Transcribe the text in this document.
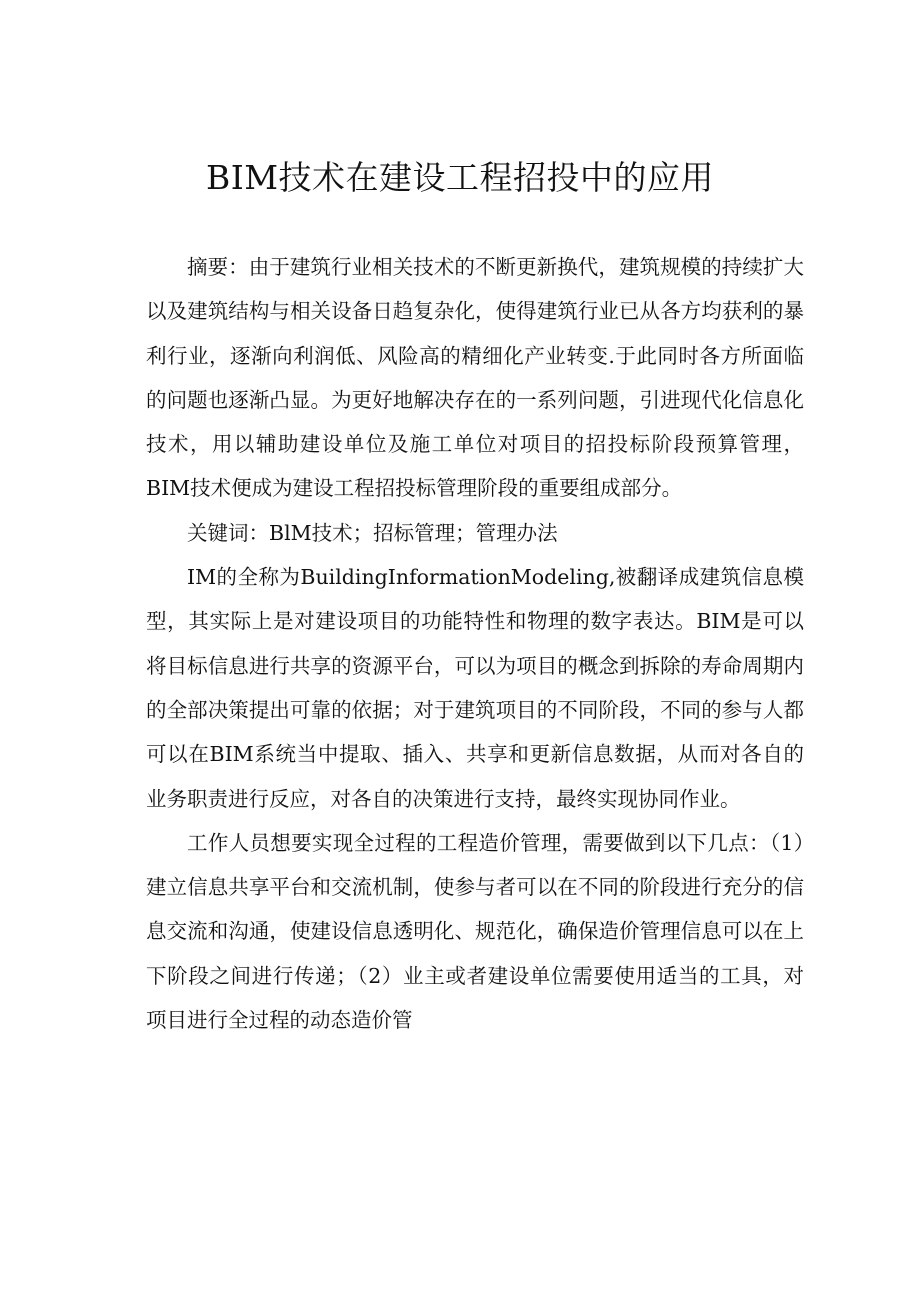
BIM技术在建设工程招投中的应用

摘要：由于建筑行业相关技术的不断更新换代，建筑规模的持续扩大以及建筑结构与相关设备日趋复杂化，使得建筑行业已从各方均获利的暴利行业，逐渐向利润低、风险高的精细化产业转变.于此同时各方所面临的问题也逐渐凸显。为更好地解决存在的一系列问题，引进现代化信息化技术，用以辅助建设单位及施工单位对项目的招投标阶段预算管理，BIM技术便成为建设工程招投标管理阶段的重要组成部分。

关键词：BlM技术；招标管理；管理办法

IM的全称为BuildingInformationModeling,被翻译成建筑信息模型，其实际上是对建设项目的功能特性和物理的数字表达。BIM是可以将目标信息进行共享的资源平台，可以为项目的概念到拆除的寿命周期内的全部决策提出可靠的依据；对于建筑项目的不同阶段，不同的参与人都可以在BIM系统当中提取、插入、共享和更新信息数据，从而对各自的业务职责进行反应，对各自的决策进行支持，最终实现协同作业。

工作人员想要实现全过程的工程造价管理，需要做到以下几点：（1）建立信息共享平台和交流机制，使参与者可以在不同的阶段进行充分的信息交流和沟通，使建设信息透明化、规范化，确保造价管理信息可以在上下阶段之间进行传递；（2）业主或者建设单位需要使用适当的工具，对项目进行全过程的动态造价管
